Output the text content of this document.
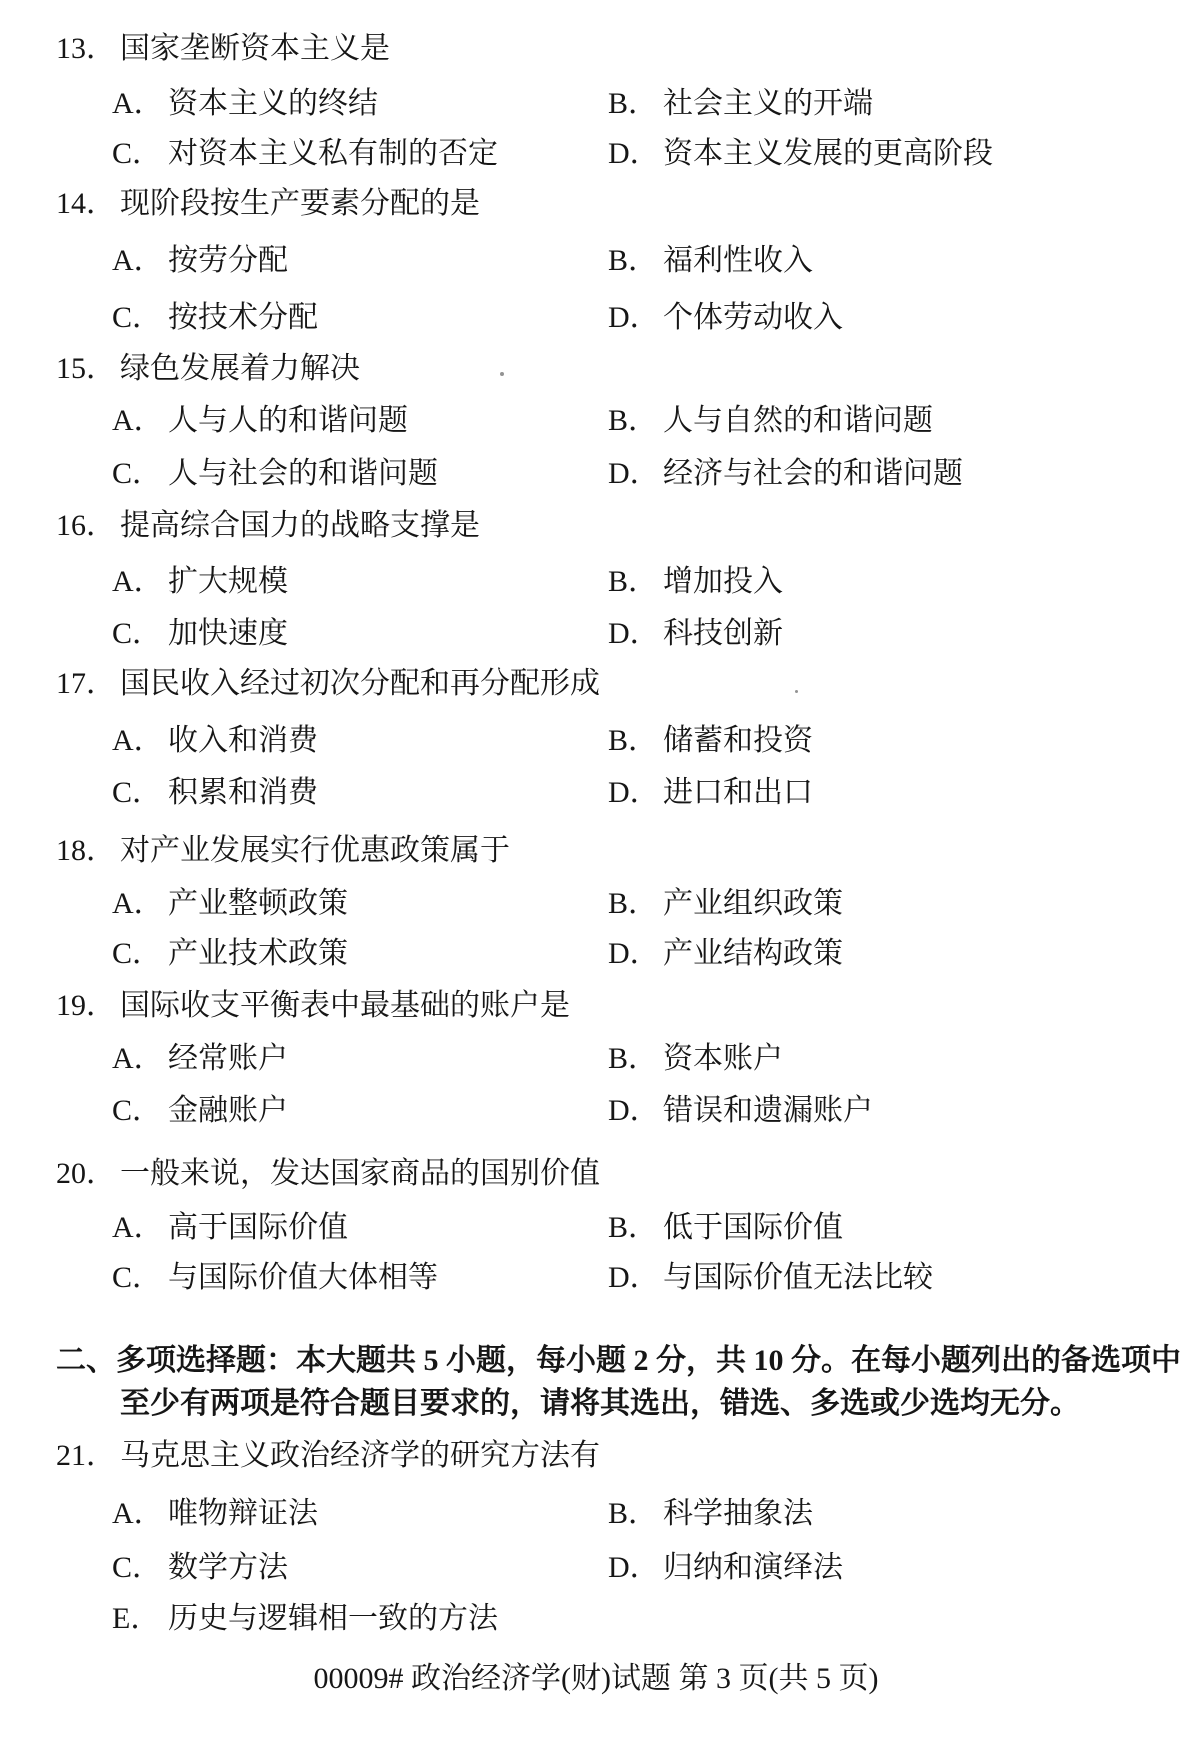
13． 国家垄断资本主义是
A． 资本主义的终结	B． 社会主义的开端
C． 对资本主义私有制的否定	D． 资本主义发展的更高阶段
14． 现阶段按生产要素分配的是
A． 按劳分配	B． 福利性收入
C． 按技术分配	D． 个体劳动收入
15． 绿色发展着力解决
A． 人与人的和谐问题	B． 人与自然的和谐问题
C． 人与社会的和谐问题	D． 经济与社会的和谐问题
16． 提高综合国力的战略支撑是
A． 扩大规模	B． 增加投入
C． 加快速度	D． 科技创新
17． 国民收入经过初次分配和再分配形成
A． 收入和消费	B． 储蓄和投资
C． 积累和消费	D． 进口和出口
18． 对产业发展实行优惠政策属于
A． 产业整顿政策	B． 产业组织政策
C． 产业技术政策	D． 产业结构政策
19． 国际收支平衡表中最基础的账户是
A． 经常账户	B． 资本账户
C． 金融账户	D． 错误和遗漏账户
20． 一般来说，发达国家商品的国别价值
A． 高于国际价值	B． 低于国际价值
C． 与国际价值大体相等	D． 与国际价值无法比较
二、 多项选择题：本大题共 5 小题，每小题 2 分，共 10 分。在每小题列出的备选项中
至少有两项是符合题目要求的，请将其选出，错选、多选或少选均无分。
21． 马克思主义政治经济学的研究方法有
A． 唯物辩证法	B． 科学抽象法
C． 数学方法	D． 归纳和演绎法
E． 历史与逻辑相一致的方法
00009# 政治经济学(财)试题 第 3 页(共 5 页)
